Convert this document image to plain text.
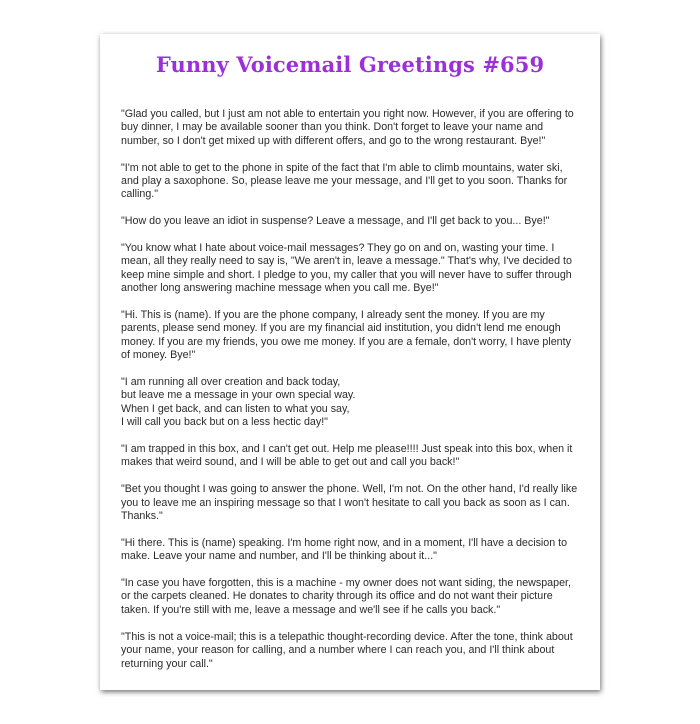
Funny Voicemail Greetings #659
"Glad you called, but I just am not able to entertain you right now. However, if you are offering to buy dinner, I may be available sooner than you think. Don't forget to leave your name and number, so I don't get mixed up with different offers, and go to the wrong restaurant. Bye!"
"I'm not able to get to the phone in spite of the fact that I'm able to climb mountains, water ski, and play a saxophone. So, please leave me your message, and I'll get to you soon. Thanks for calling."
"How do you leave an idiot in suspense? Leave a message, and I'll get back to you... Bye!"
"You know what I hate about voice-mail messages? They go on and on, wasting your time. I mean, all they really need to say is, "We aren't in, leave a message." That's why, I've decided to keep mine simple and short. I pledge to you, my caller that you will never have to suffer through another long answering machine message when you call me. Bye!"
"Hi. This is (name). If you are the phone company, I already sent the money. If you are my parents, please send money. If you are my financial aid institution, you didn't lend me enough money. If you are my friends, you owe me money. If you are a female, don't worry, I have plenty of money. Bye!"
"I am running all over creation and back today,
but leave me a message in your own special way.
When I get back, and can listen to what you say,
I will call you back but on a less hectic day!"
"I am trapped in this box, and I can't get out. Help me please!!!! Just speak into this box, when it makes that weird sound, and I will be able to get out and call you back!"
"Bet you thought I was going to answer the phone. Well, I'm not. On the other hand, I'd really like you to leave me an inspiring message so that I won't hesitate to call you back as soon as I can. Thanks."
"Hi there. This is (name) speaking. I'm home right now, and in a moment, I'll have a decision to make. Leave your name and number, and I'll be thinking about it..."
"In case you have forgotten, this is a machine - my owner does not want siding, the newspaper, or the carpets cleaned. He donates to charity through its office and do not want their picture taken. If you're still with me, leave a message and we'll see if he calls you back."
"This is not a voice-mail; this is a telepathic thought-recording device. After the tone, think about your name, your reason for calling, and a number where I can reach you, and I'll think about returning your call."
